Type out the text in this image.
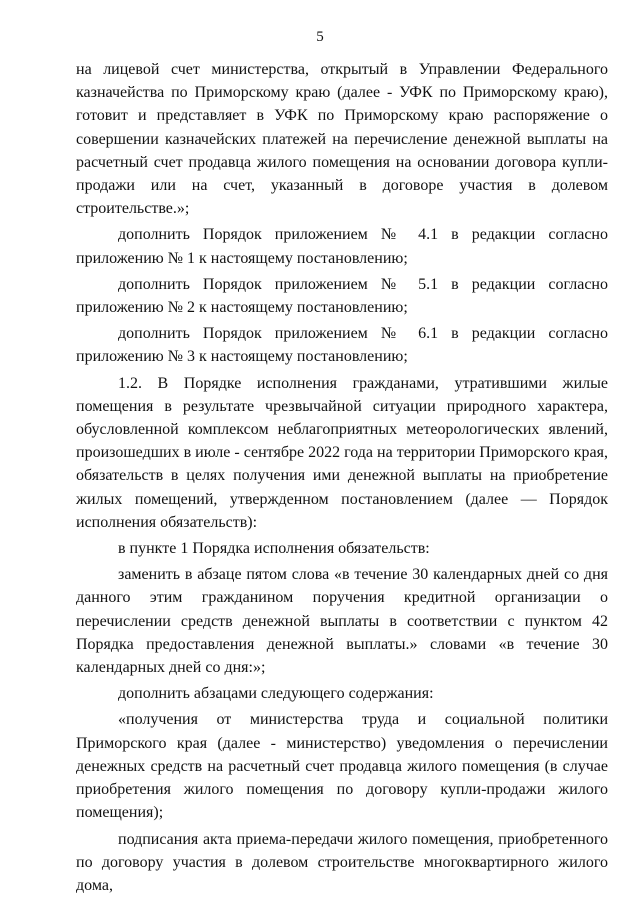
5

на лицевой счет министерства, открытый в Управлении Федерального казначейства по Приморскому краю (далее - УФК по Приморскому краю), готовит и представляет в УФК по Приморскому краю распоряжение о совершении казначейских платежей на перечисление денежной выплаты на расчетный счет продавца жилого помещения на основании договора купли-продажи или на счет, указанный в договоре участия в долевом строительстве.»;

дополнить Порядок приложением № 4.1 в редакции согласно приложению № 1 к настоящему постановлению;

дополнить Порядок приложением № 5.1 в редакции согласно приложению № 2 к настоящему постановлению;

дополнить Порядок приложением № 6.1 в редакции согласно приложению № 3 к настоящему постановлению;

1.2. В Порядке исполнения гражданами, утратившими жилые помещения в результате чрезвычайной ситуации природного характера, обусловленной комплексом неблагоприятных метеорологических явлений, произошедших в июле - сентябре 2022 года на территории Приморского края, обязательств в целях получения ими денежной выплаты на приобретение жилых помещений, утвержденном постановлением (далее — Порядок исполнения обязательств):

в пункте 1 Порядка исполнения обязательств:

заменить в абзаце пятом слова «в течение 30 календарных дней со дня данного этим гражданином поручения кредитной организации о перечислении средств денежной выплаты в соответствии с пунктом 42 Порядка предоставления денежной выплаты.» словами «в течение 30 календарных дней со дня:»;

дополнить абзацами следующего содержания:

«получения от министерства труда и социальной политики Приморского края (далее - министерство) уведомления о перечислении денежных средств на расчетный счет продавца жилого помещения (в случае приобретения жилого помещения по договору купли-продажи жилого помещения);

подписания акта приема-передачи жилого помещения, приобретенного по договору участия в долевом строительстве многоквартирного жилого дома,
